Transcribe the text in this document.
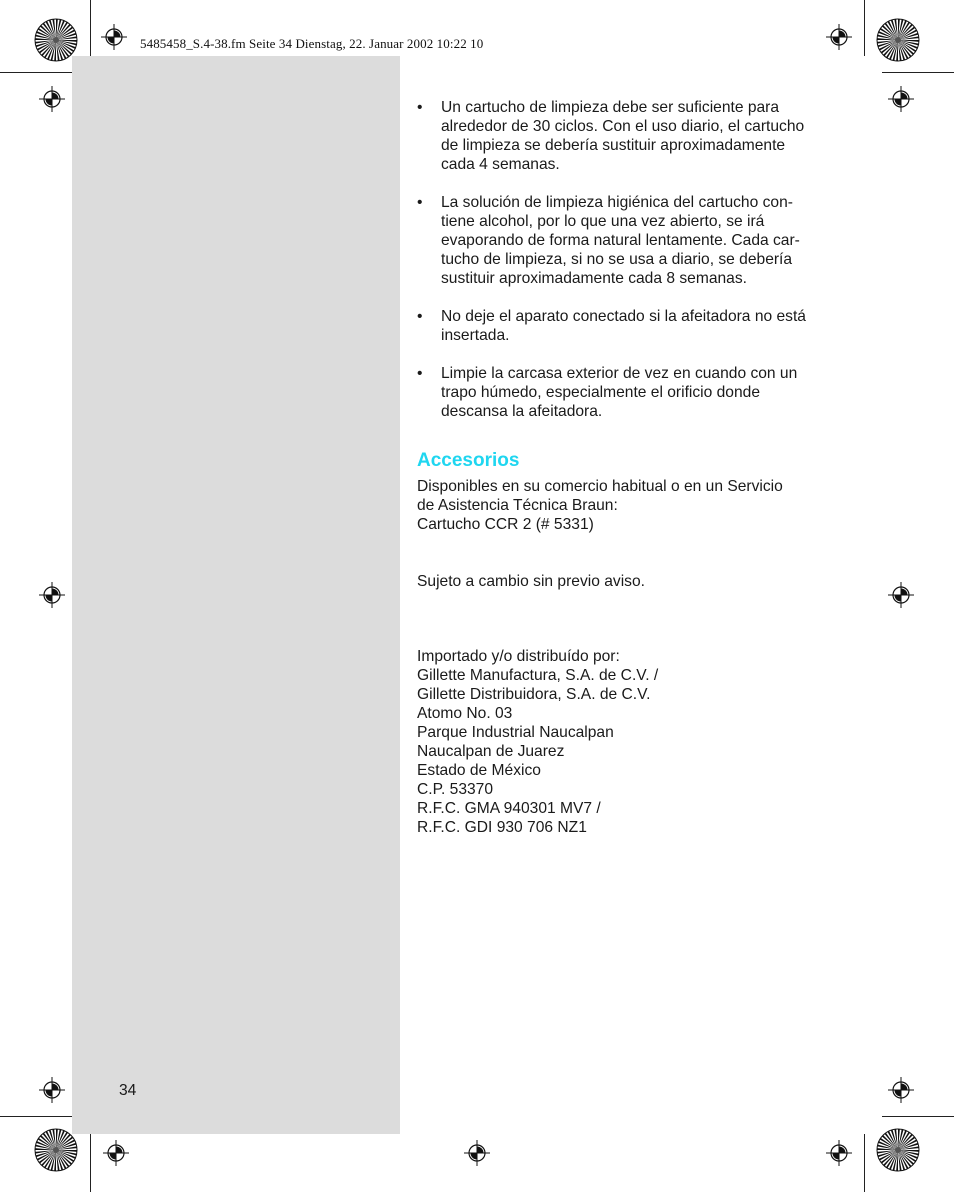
5485458_S.4-38.fm Seite 34 Dienstag, 22. Januar 2002 10:22 10
• Un cartucho de limpieza debe ser suficiente para
alrededor de 30 ciclos. Con el uso diario, el cartucho
de limpieza se debería sustituir aproximadamente
cada 4 semanas.
• La solución de limpieza higiénica del cartucho con-
tiene alcohol, por lo que una vez abierto, se irá
evaporando de forma natural lentamente. Cada car-
tucho de limpieza, si no se usa a diario, se debería
sustituir aproximadamente cada 8 semanas.
• No deje el aparato conectado si la afeitadora no está
insertada.
• Limpie la carcasa exterior de vez en cuando con un
trapo húmedo, especialmente el orificio donde
descansa la afeitadora.
Accesorios

Disponibles en su comercio habitual o en un Servicio
de Asistencia Técnica Braun:
Cartucho CCR 2 (# 5331)

Sujeto a cambio sin previo aviso.

Importado y/o distribuído por:
Gillette Manufactura, S.A. de C.V. /
Gillette Distribuidora, S.A. de C.V.
Atomo No. 03
Parque Industrial Naucalpan
Naucalpan de Juarez
Estado de México
C.P. 53370
R.F.C. GMA 940301 MV7 /
R.F.C. GDI 930 706 NZ1

34
